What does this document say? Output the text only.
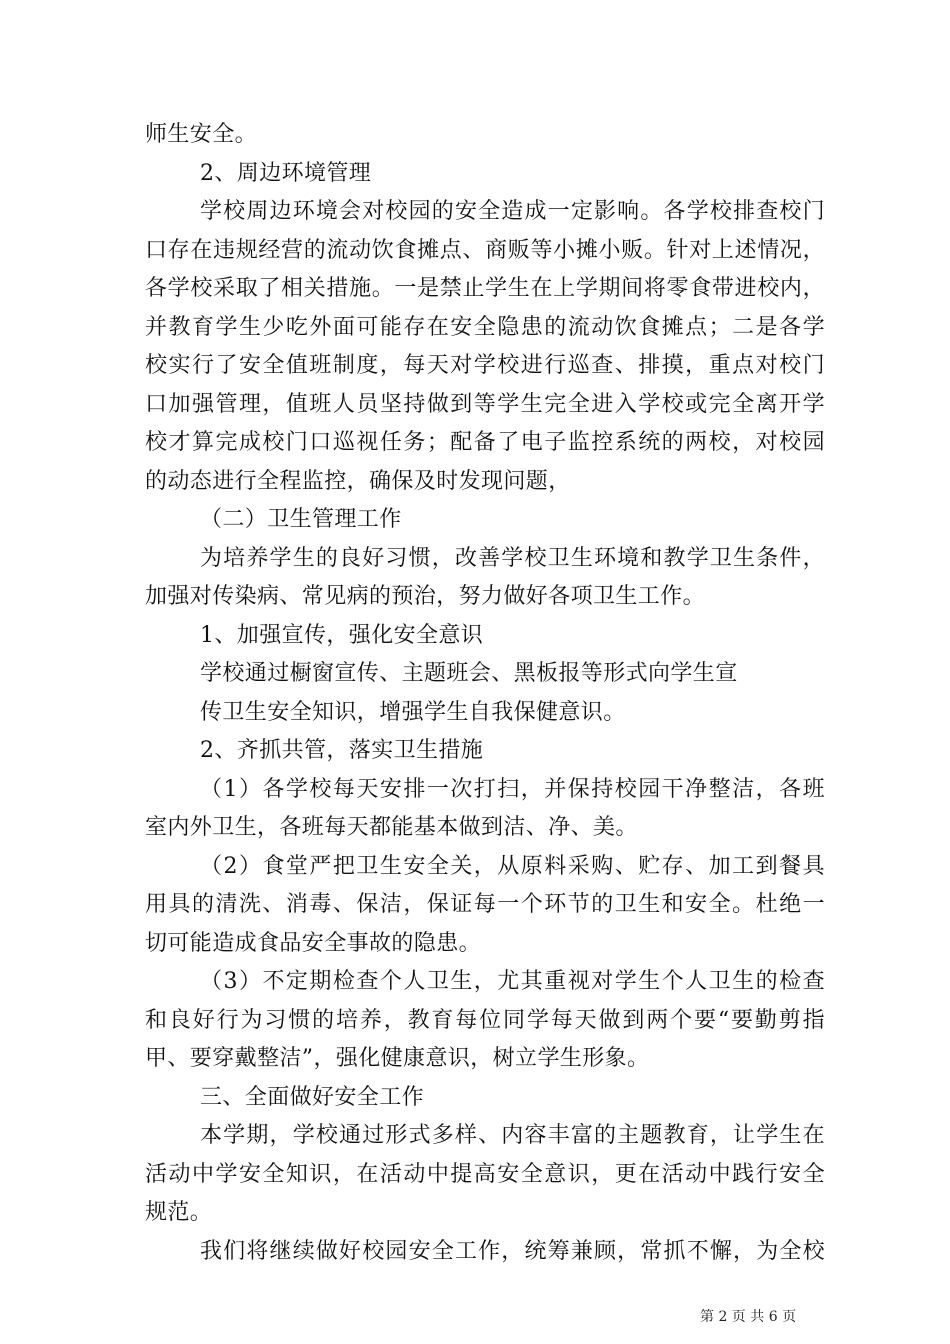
师生安全。
2、周边环境管理
学校周边环境会对校园的安全造成一定影响。各学校排查校门
口存在违规经营的流动饮食摊点、商贩等小摊小贩。针对上述情况，
各学校采取了相关措施。一是禁止学生在上学期间将零食带进校内，
并教育学生少吃外面可能存在安全隐患的流动饮食摊点；二是各学
校实行了安全值班制度，每天对学校进行巡查、排摸，重点对校门
口加强管理，值班人员坚持做到等学生完全进入学校或完全离开学
校才算完成校门口巡视任务；配备了电子监控系统的两校，对校园
的动态进行全程监控，确保及时发现问题，
（二）卫生管理工作
为培养学生的良好习惯，改善学校卫生环境和教学卫生条件，
加强对传染病、常见病的预治，努力做好各项卫生工作。
1、加强宣传，强化安全意识
学校通过橱窗宣传、主题班会、黑板报等形式向学生宣
传卫生安全知识，增强学生自我保健意识。
2、齐抓共管，落实卫生措施
（1）各学校每天安排一次打扫，并保持校园干净整洁，各班
室内外卫生，各班每天都能基本做到洁、净、美。
（2）食堂严把卫生安全关，从原料采购、贮存、加工到餐具
用具的清洗、消毒、保洁，保证每一个环节的卫生和安全。杜绝一
切可能造成食品安全事故的隐患。
（3）不定期检查个人卫生，尤其重视对学生个人卫生的检查
和良好行为习惯的培养，教育每位同学每天做到两个要“要勤剪指
甲、要穿戴整洁”，强化健康意识，树立学生形象。
三、全面做好安全工作
本学期，学校通过形式多样、内容丰富的主题教育，让学生在
活动中学安全知识，在活动中提高安全意识，更在活动中践行安全
规范。
我们将继续做好校园安全工作，统筹兼顾，常抓不懈，为全校
第 2 页 共 6 页
